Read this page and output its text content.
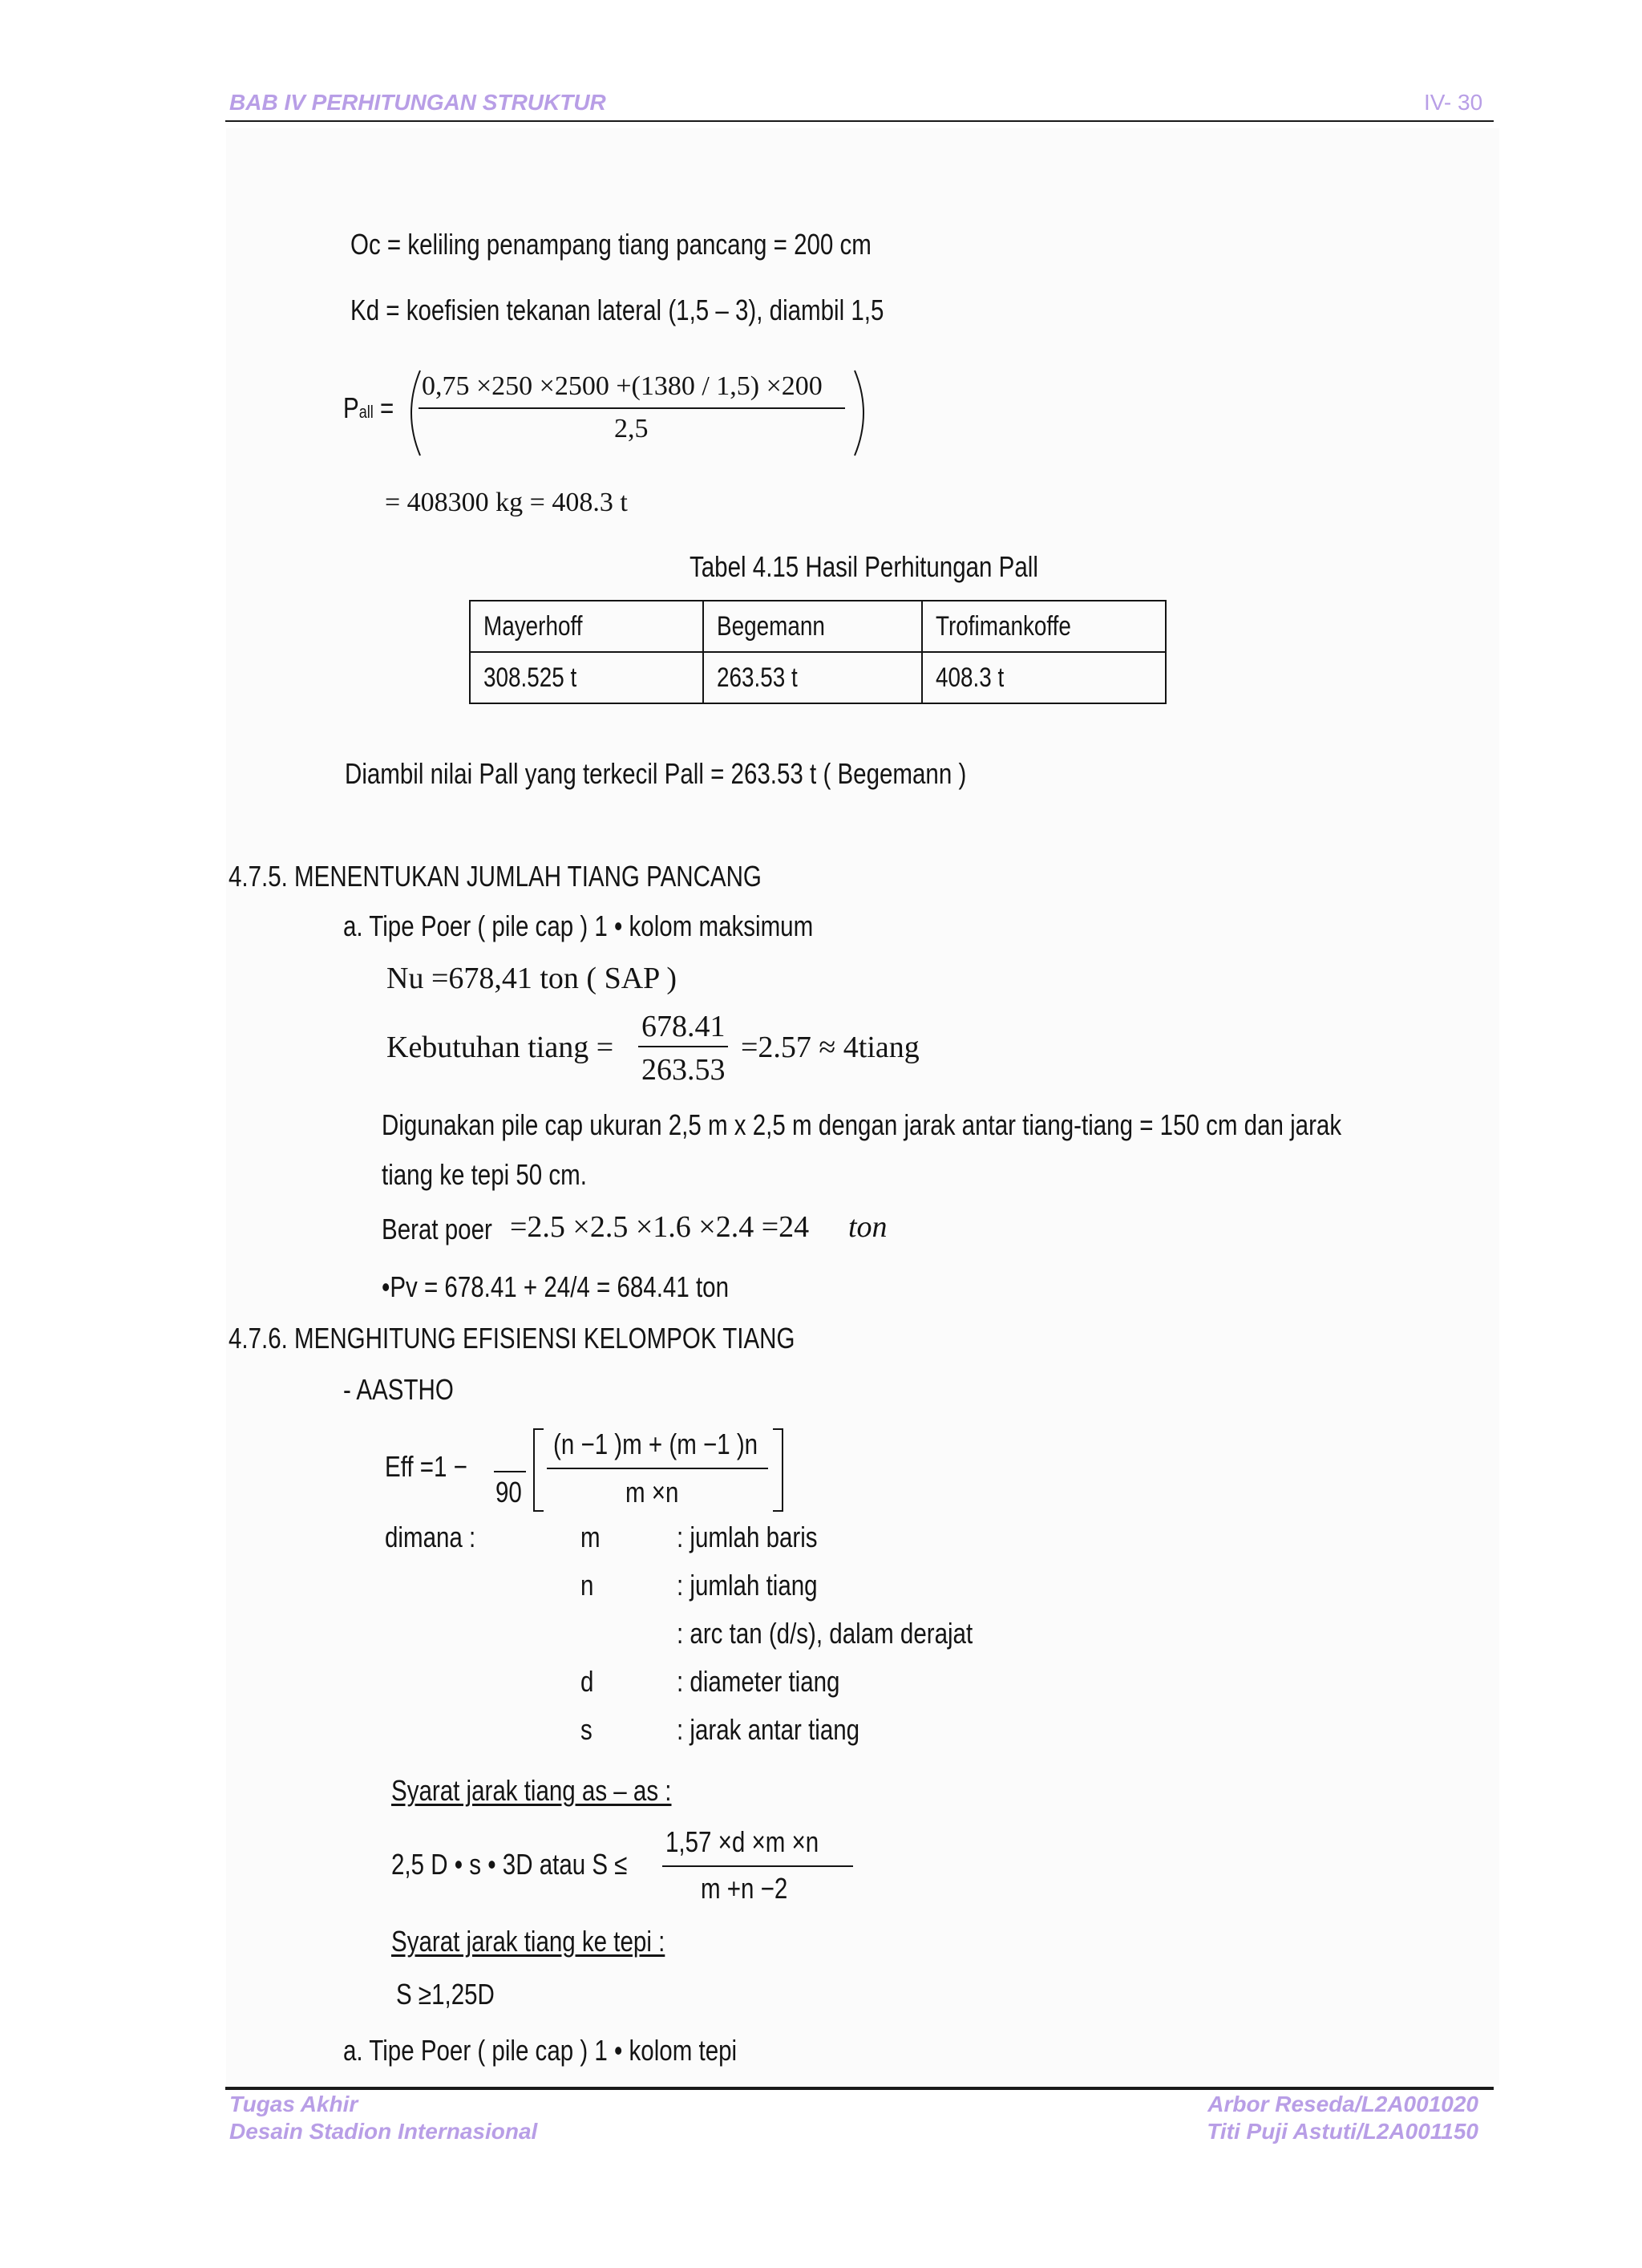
BAB IV PERHITUNGAN STRUKTUR	IV- 30
Oc = keliling penampang tiang pancang = 200 cm
Kd = koefisien tekanan lateral (1,5 – 3), diambil 1,5
Pall =
0,75 ×250 ×2500 +(1380 / 1,5) ×200
2,5
= 408300 kg = 408.3 t
Tabel 4.15 Hasil Perhitungan Pall
Mayerhoff	Begemann	Trofimankoffe
308.525 t	263.53 t	408.3 t
Diambil nilai Pall yang terkecil Pall = 263.53 t ( Begemann )
4.7.5. MENENTUKAN JUMLAH TIANG PANCANG
a. Tipe Poer ( pile cap ) 1 • kolom maksimum
Nu =678,41 ton ( SAP )
Kebutuhan tiang =
678.41
263.53
=2.57 ≈ 4tiang
Digunakan pile cap ukuran 2,5 m x 2,5 m dengan jarak antar tiang-tiang = 150 cm dan jarak
tiang ke tepi 50 cm.
Berat poer =2.5 ×2.5 ×1.6 ×2.4 =24 ton
•Pv = 678.41 + 24/4 = 684.41 ton
4.7.6. MENGHITUNG EFISIENSI KELOMPOK TIANG
- AASTHO
Eff =1 −
90
(n −1 )m + (m −1 )n
m ×n
dimana :	m	: jumlah baris
n	: jumlah tiang
: arc tan (d/s), dalam derajat
d	: diameter tiang
s	: jarak antar tiang
Syarat jarak tiang as – as :
2,5 D • s • 3D atau S ≤
1,57 ×d ×m ×n
m +n −2
Syarat jarak tiang ke tepi :
S ≥1,25D
a. Tipe Poer ( pile cap ) 1 • kolom tepi
Tugas Akhir
Desain Stadion Internasional
Arbor Reseda/L2A001020
Titi Puji Astuti/L2A001150
